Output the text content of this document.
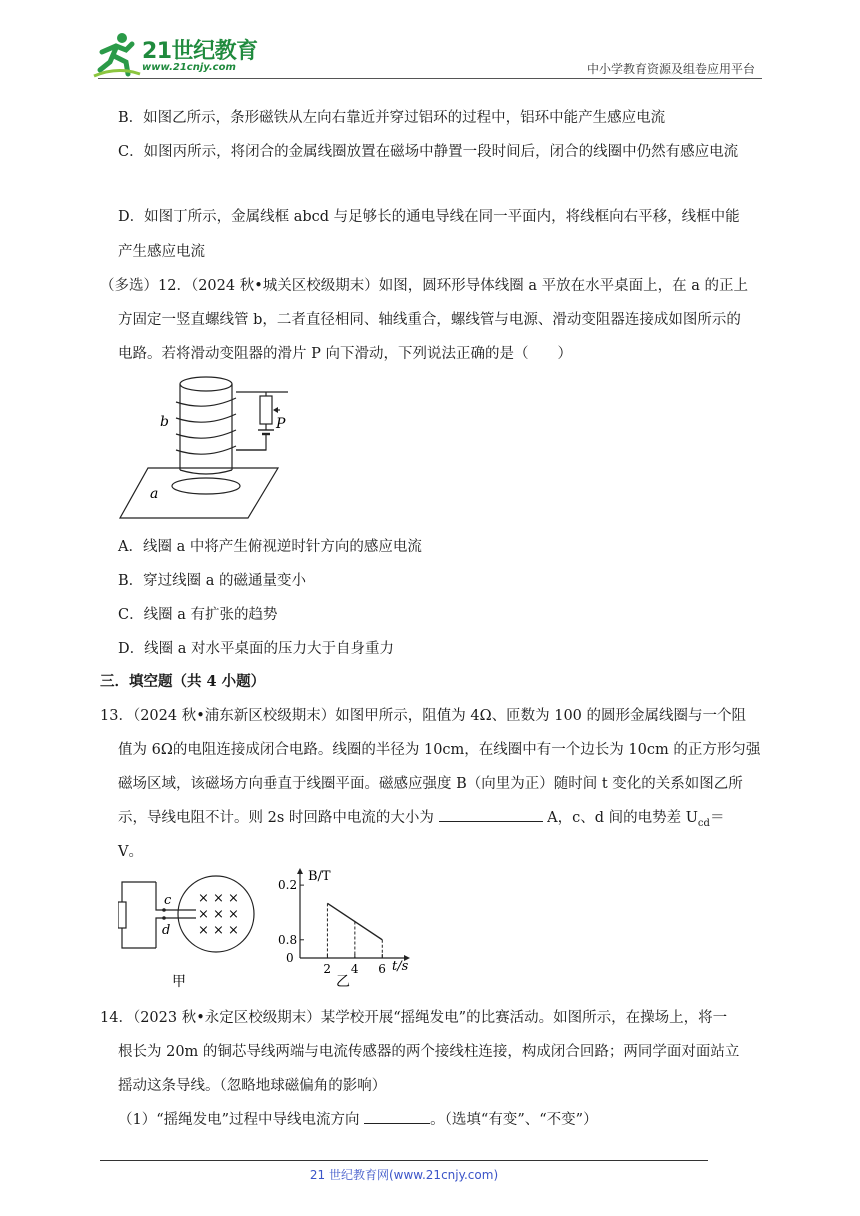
21世纪教育
www.21cnjy.com	中小学教育资源及组卷应用平台
B．如图乙所示，条形磁铁从左向右靠近并穿过铝环的过程中，铝环中能产生感应电流
C．如图丙所示，将闭合的金属线圈放置在磁场中静置一段时间后，闭合的线圈中仍然有感应电流
D．如图丁所示，金属线框 abcd 与足够长的通电导线在同一平面内，将线框向右平移，线框中能
产生感应电流
（多选）12．（2024 秋•城关区校级期末）如图，圆环形导体线圈 a 平放在水平桌面上，在 a 的正上
方固定一竖直螺线管 b，二者直径相同、轴线重合，螺线管与电源、滑动变阻器连接成如图所示的
电路。若将滑动变阻器的滑片 P 向下滑动，下列说法正确的是（　　）
b	P
a
A．线圈 a 中将产生俯视逆时针方向的感应电流
B．穿过线圈 a 的磁通量变小
C．线圈 a 有扩张的趋势
D．线圈 a 对水平桌面的压力大于自身重力
三．填空题（共 4 小题）
13．（2024 秋•浦东新区校级期末）如图甲所示，阻值为 4Ω、匝数为 100 的圆形金属线圈与一个阻
值为 6Ω的电阻连接成闭合电路。线圈的半径为 10cm，在线圈中有一个边长为 10cm 的正方形匀强
磁场区域，该磁场方向垂直于线圈平面。磁感应强度 B（向里为正）随时间 t 变化的关系如图乙所
示，导线电阻不计。则 2s 时回路中电流的大小为	A，c、d 间的电势差 $U_{cd}=$
V。
c
d
× × ×
× × ×
× × ×
甲
0.8
0.2
2 4 6
B/T
t/s
0
乙
14．（2023 秋•永定区校级期末）某学校开展“摇绳发电”的比赛活动。如图所示，在操场上，将一
根长为 20m 的铜芯导线两端与电流传感器的两个接线柱连接，构成闭合回路；两同学面对面站立
摇动这条导线。（忽略地球磁偏角的影响）
（1）“摇绳发电”过程中导线电流方向	。（选填“有变”、“不变”）
21 世纪教育网(www.21cnjy.com)
